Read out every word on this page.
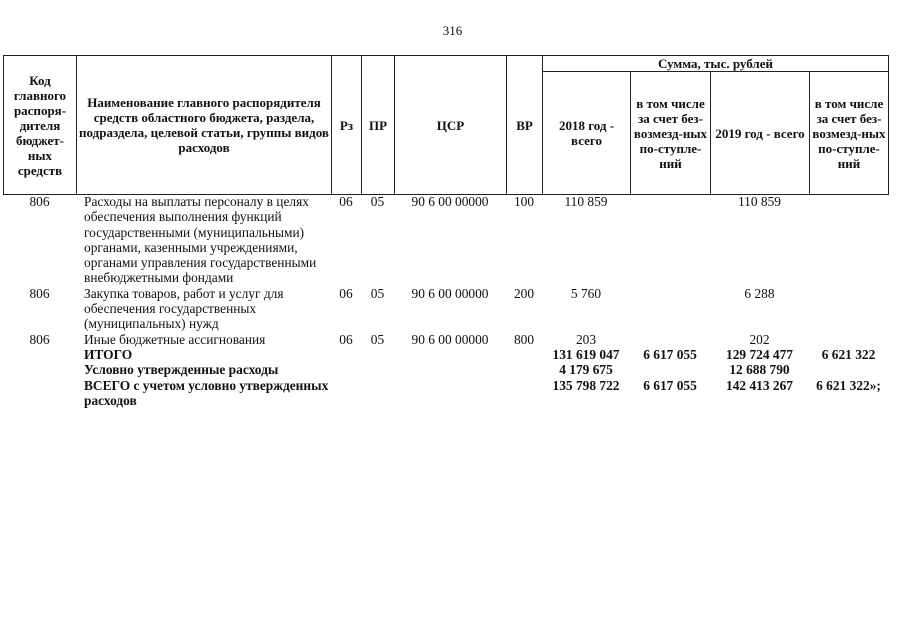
316
Код главного распоря-дителя бюджет-ных средств	Наименование главного распорядителя средств областного бюджета, раздела, подраздела, целевой статьи, группы видов расходов	Рз	ПР	ЦСР	ВР	Сумма, тыс. рублей			
						2018 год - всего	в том числе за счет без-возмезд-ных по-ступле-ний	2019 год - всего	в том числе за счет без-возмезд-ных по-ступле-ний
806	Расходы на выплаты персоналу в целях обеспечения выполнения функций государственными (муниципальными) органами, казенными учреждениями, органами управления государственными внебюджетными фондами	06	05	90 6 00 00000	100	110 859		110 859	
806	Закупка товаров, работ и услуг для обеспечения государственных (муниципальных) нужд	06	05	90 6 00 00000	200	5 760		6 288	
806	Иные бюджетные ассигнования	06	05	90 6 00 00000	800	203		202	
	ИТОГО					131 619 047	6 617 055	129 724 477	6 621 322
	Условно утвержденные расходы					4 179 675		12 688 790	
	ВСЕГО с учетом условно утвержденных расходов					135 798 722	6 617 055	142 413 267	6 621 322»;
